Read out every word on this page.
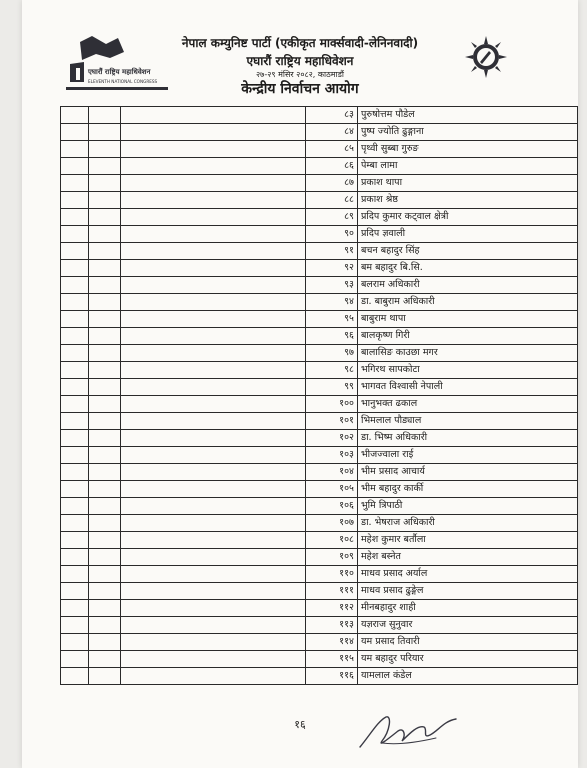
एघारौं राष्ट्रिय महाधिवेशन
ELEVENTH NATIONAL CONGRESS
नेपाल कम्युनिष्ट पार्टी (एकीकृत मार्क्सवादी-लेनिनवादी)
एघारौं राष्ट्रिय महाधिवेशन
२७-२९ मंसिर २०८२, काठमाडौं
केन्द्रीय निर्वाचन आयोग
			८३	पुरुषोत्तम पौडेल
			८४	पुष्प ज्योति ढुङ्गाना
			८५	पृथ्वी सुब्बा गुरुङ
			८६	पेम्बा लामा
			८७	प्रकाश थापा
			८८	प्रकाश श्रेष्ठ
			८९	प्रदिप कुमार कट्वाल क्षेत्री
			९०	प्रदिप ज्ञवाली
			९१	बचन बहादुर सिंह
			९२	बम बहादुर बि.सि.
			९३	बलराम अधिकारी
			९४	डा. बाबुराम अधिकारी
			९५	बाबुराम थापा
			९६	बालकृष्ण गिरी
			९७	बालासिङ काउछा मगर
			९८	भगिरथ सापकोटा
			९९	भागवत विश्वासी नेपाली
			१००	भानुभक्त ढकाल
			१०१	भिमलाल पौड्याल
			१०२	डा. भिष्म अधिकारी
			१०३	भीजज्वाला राई
			१०४	भीम प्रसाद आचार्य
			१०५	भीम बहादुर कार्की
			१०६	भुमि त्रिपाठी
			१०७	डा. भेषराज अधिकारी
			१०८	महेश कुमार बर्तौला
			१०९	महेश बस्नेत
			११०	माधव प्रसाद अर्याल
			१११	माधव प्रसाद ढुङ्गेल
			११२	मीनबहादुर शाही
			११३	यज्ञराज सुनुवार
			११४	यम प्रसाद तिवारी
			११५	यम बहादुर परियार
			११६	यामलाल कंडेल
१६
